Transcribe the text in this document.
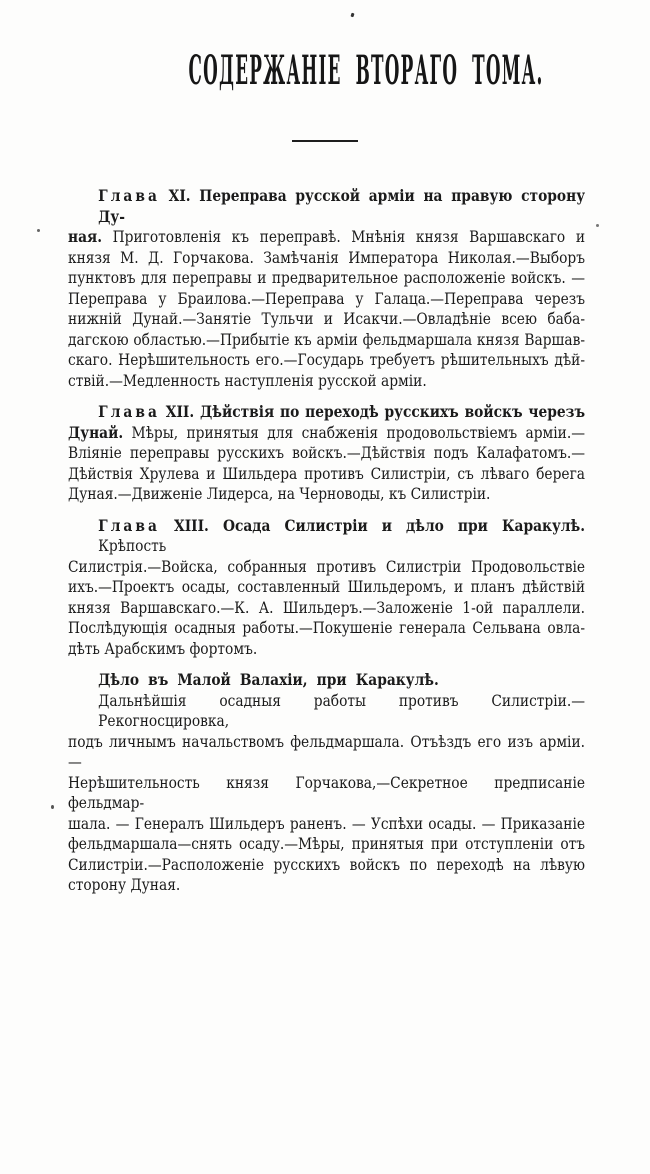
СОДЕРЖАНІЕ ВТОРАГО ТОМА.
Глава XI. Переправа русской арміи на правую сторону Ду-
ная. Приготовленія къ переправѣ. Мнѣнія князя Варшавскаго и
князя М. Д. Горчакова. Замѣчанія Императора Николая.—Выборъ
пунктовъ для переправы и предварительное расположеніе войскъ. —
Переправа у Браилова.—Переправа у Галаца.—Переправа черезъ
нижній Дунай.—Занятіе Тульчи и Исакчи.—Овладѣніе всею баба-
дагскою областью.—Прибытіе къ арміи фельдмаршала князя Варшав-
скаго. Нерѣшительность его.—Государь требуетъ рѣшительныхъ дѣй-
ствій.—Медленность наступленія русской арміи.
Глава XII. Дѣйствія по переходѣ русскихъ войскъ черезъ
Дунай. Мѣры, принятыя для снабженія продовольствіемъ арміи.—
Вліяніе переправы русскихъ войскъ.—Дѣйствія подъ Калафатомъ.—
Дѣйствія Хрулева и Шильдера противъ Силистріи, съ лѣваго берега
Дуная.—Движеніе Лидерса, на Черноводы, къ Силистріи.
Глава XIII. Осада Силистріи и дѣло при Каракулѣ. Крѣпость
Силистрія.—Войска, собранныя противъ Силистріи Продовольствіе
ихъ.—Проектъ осады, составленный Шильдеромъ, и планъ дѣйствій
князя Варшавскаго.—К. А. Шильдеръ.—Заложеніе 1-ой параллели.
Послѣдующія осадныя работы.—Покушеніе генерала Сельвана овла-
дѣть Арабскимъ фортомъ.
Дѣло въ Малой Валахіи, при Каракулѣ.
Дальнѣйшія осадныя работы противъ Силистріи.—Рекогносцировка,
подъ личнымъ начальствомъ фельдмаршала. Отъѣздъ его изъ арміи.—
Нерѣшительность князя Горчакова,—Секретное предписаніе фельдмар-
шала. — Генералъ Шильдеръ раненъ. — Успѣхи осады. — Приказаніе
фельдмаршала—снять осаду.—Мѣры, принятыя при отступленіи отъ
Силистріи.—Расположеніе русскихъ войскъ по переходѣ на лѣвую
сторону Дуная.
